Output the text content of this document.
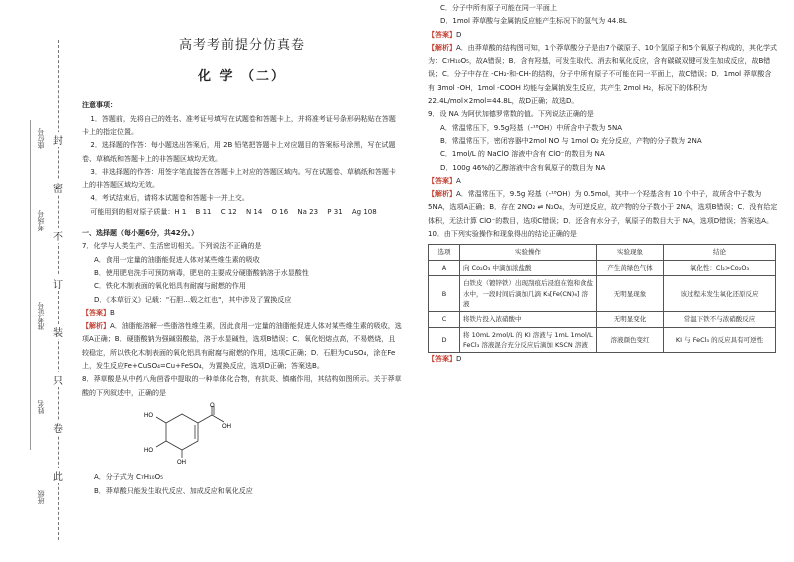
封
密
不
订
装
只
卷
此
座位号
考场号
准考证号
姓名
班级
高考考前提分仿真卷
化 学 （二）
注意事项：

1．答题前，先将自己的姓名、准考证号填写在试题卷和答题卡上，并将准考证号条形码粘贴在答题卡上的指定位置。

2．选择题的作答：每小题选出答案后，用 2B 铅笔把答题卡上对应题目的答案标号涂黑，写在试题卷、草稿纸和答题卡上的非答题区域均无效。

3．非选择题的作答：用签字笔直接答在答题卡上对应的答题区域内。写在试题卷、草稿纸和答题卡上的非答题区域均无效。

4．考试结束后，请将本试题卷和答题卡一并上交。

可能用到的相对原子质量：H 1 　B 11 　C 12 　N 14 　O 16 　Na 23 　P 31 　Ag 108

一、选择题（每小题6分，共42分。）

7．化学与人类生产、生活密切相关。下列说法不正确的是

A．食用一定量的油脂能促进人体对某些维生素的吸收

B．使用肥皂洗手可预防病毒，肥皂的主要成分硬脂酸钠溶于水显酸性

C．铁化木制表面的氧化铝具有耐腐与耐燃的作用

D．《本草衍义》记载："石胆…煅之红也"，其中涉及了置换反应

【答案】B

【解析】A．油脂能溶解一些脂溶性维生素，因此食用一定量的油脂能促进人体对某些维生素的吸收，选项A正确；B．硬脂酸钠为强碱弱酸盐，溶于水显碱性，选项B错误；C．氧化铝熔点高，不易燃烧，且较稳定，所以铁化木制表面的氧化铝具有耐腐与耐燃的作用，选项C正确；D．石胆为CuSO₄，涂在Fe上，发生反应Fe+CuSO₄=Cu+FeSO₄，为置换反应，选项D正确；答案选B。

8．莽草酸是从中药八角茴香中提取的一种单体化合物，有抗炎、镇痛作用，其结构如图所示。关于莽草酸的下列叙述中，正确的是

HO
HO
OH
OH
O

A．分子式为 C₇H₁₀O₅

B．莽草酸只能发生取代反应、加成反应和氧化反应

C．分子中所有原子可能在同一平面上

D．1mol 莽草酸与金属钠反应能产生标况下的氢气为 44.8L

【答案】D

【解析】A．由莽草酸的结构图可知，1个莽草酸分子是由7个碳原子、10个氢原子和5个氧原子构成的，其化学式为：C₇H₁₀O₅，故A错误；B．含有羟基，可发生取代、消去和氧化反应，含有碳碳双键可发生加成反应，故B错误；C．分子中存在 -CH₂-和-CH-的结构，分子中所有原子不可能在同一平面上，故C错误；D．1mol 莽草酸含有 3mol -OH，1mol -COOH 均能与金属钠发生反应，共产生 2mol H₂，标况下的体积为 22.4L/mol×2mol=44.8L，故D正确；故选D。

9．设 NA 为阿伏加德罗常数的值。下列说法正确的是

A．常温常压下，9.5g羟基（-¹⁸OH）中所含中子数为 5NA

B．常温常压下，密闭容器中2mol NO 与 1mol O₂ 充分反应，产物的分子数为 2NA

C．1mol/L 的 NaClO 溶液中含有 ClO⁻的数目为 NA

D．100g 46%的乙醇溶液中含有氧原子的数目为 NA

【答案】A

【解析】A．常温常压下，9.5g 羟基（-¹⁸OH）为 0.5mol，其中一个羟基含有 10 个中子，故所含中子数为 5NA，选项A正确；B．存在 2NO₂ ⇌ N₂O₄，为可逆反应，故产物的分子数小于 2NA，选项B错误；C．没有给定体积，无法计算 ClO⁻的数目，选项C错误；D．还含有水分子，氧原子的数目大于 NA，选项D错误；答案选A。

10．由下列实验操作和现象得出的结论正确的是

选项	实验操作	实验现象	结论
A	向 Co₂O₃ 中滴加浓盐酸	产生黄绿色气体	氧化性：Cl₂>Co₂O₃
B	白铁皮（镀锌铁）出现刮痕后浸泡在饱和食盐水中，一段时间后滴加几滴 K₃[Fe(CN)₆] 溶液	无明显现象	该过程未发生氧化还原反应
C	将铁片投入浓硝酸中	无明显变化	常温下铁不与浓硝酸反应
D	将 10mL 2mol/L 的 KI 溶液与 1mL 1mol/L FeCl₃ 溶液混合充分反应后滴加 KSCN 溶液	溶液颜色变红	KI 与 FeCl₃ 的反应具有可逆性

【答案】D
